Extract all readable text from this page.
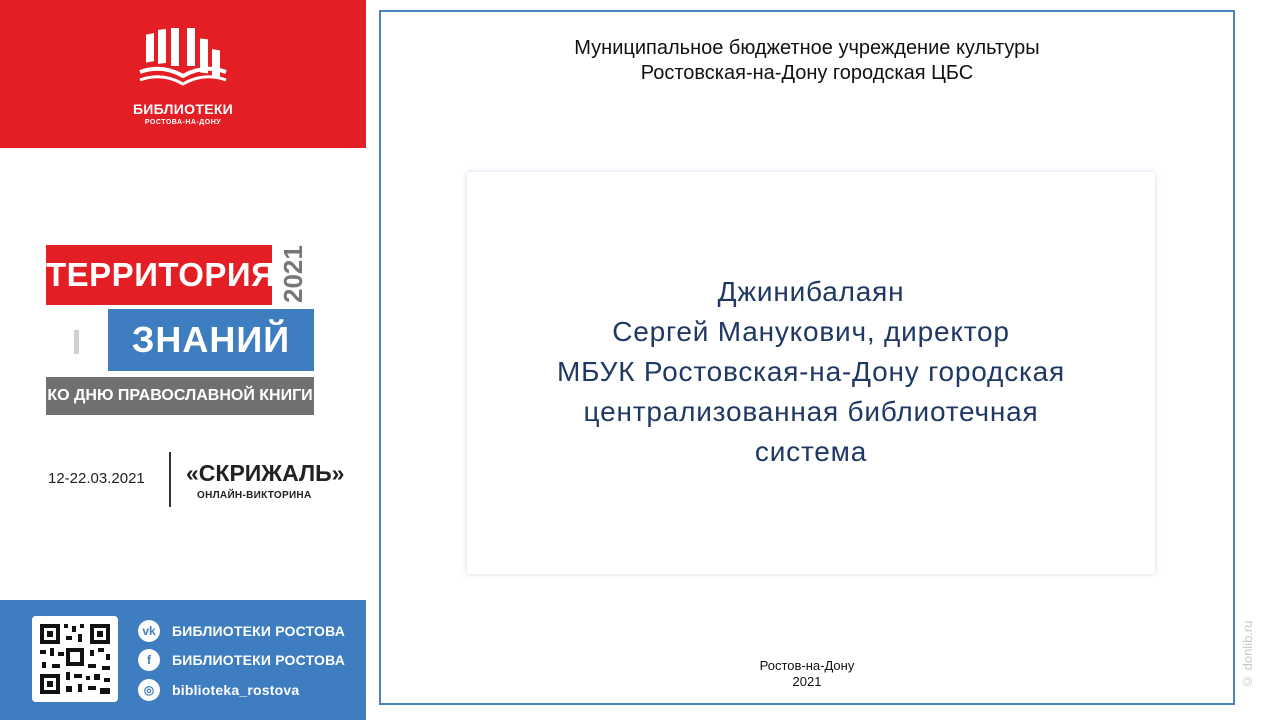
БИБЛИОТЕКИ
РОСТОВА-НА-ДОНУ
ТЕРРИТОРИЯ 2021
ЗНАНИЙ
КО ДНЮ ПРАВОСЛАВНОЙ КНИГИ
12-22.03.2021 «СКРИЖАЛЬ»
ОНЛАЙН-ВИКТОРИНА
vk	БИБЛИОТЕКИ РОСТОВА
f	БИБЛИОТЕКИ РОСТОВА
◎	biblioteka_rostova
Муниципальное бюджетное учреждение культуры
Ростовская-на-Дону городская ЦБС
Джинибалаян
Сергей Манукович, директор
МБУК Ростовская-на-Дону городская
централизованная библиотечная
система
Ростов-на-Дону
2021	© donlib.ru
